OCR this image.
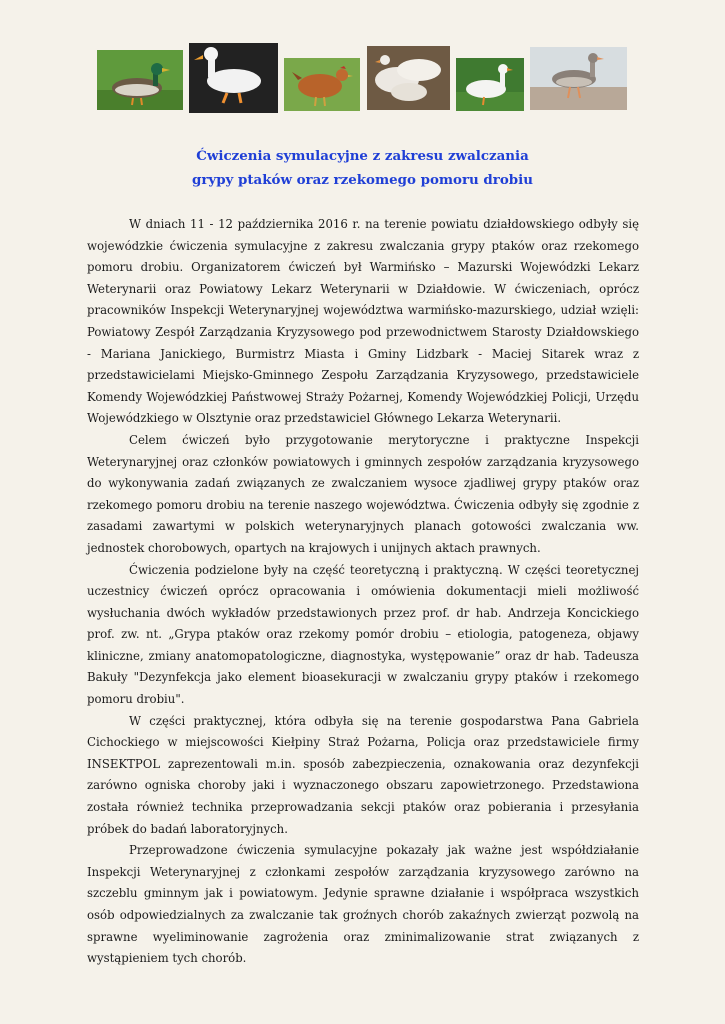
Ćwiczenia symulacyjne z zakresu zwalczania
grypy ptaków oraz rzekomego pomoru drobiu

W dniach 11 - 12 października 2016 r. na terenie powiatu działdowskiego odbyły się wojewódzkie ćwiczenia symulacyjne z zakresu zwalczania grypy ptaków oraz rzekomego pomoru drobiu. Organizatorem ćwiczeń był Warmińsko – Mazurski Wojewódzki Lekarz Weterynarii oraz Powiatowy Lekarz Weterynarii w Działdowie. W ćwiczeniach, oprócz pracowników Inspekcji Weterynaryjnej województwa warmińsko-mazurskiego, udział wzięli: Powiatowy Zespół Zarządzania Kryzysowego pod przewodnictwem Starosty Działdowskiego - Mariana Janickiego, Burmistrz Miasta i Gminy Lidzbark - Maciej Sitarek wraz z przedstawicielami Miejsko-Gminnego Zespołu Zarządzania Kryzysowego, przedstawiciele Komendy Wojewódzkiej Państwowej Straży Pożarnej, Komendy Wojewódzkiej Policji, Urzędu Wojewódzkiego w Olsztynie oraz przedstawiciel Głównego Lekarza Weterynarii.

Celem ćwiczeń było przygotowanie merytoryczne i praktyczne Inspekcji Weterynaryjnej oraz członków powiatowych i gminnych zespołów zarządzania kryzysowego do wykonywania zadań związanych ze zwalczaniem wysoce zjadliwej grypy ptaków oraz rzekomego pomoru drobiu na terenie naszego województwa. Ćwiczenia odbyły się zgodnie z zasadami zawartymi w polskich weterynaryjnych planach gotowości zwalczania ww. jednostek chorobowych, opartych na krajowych i unijnych aktach prawnych.

Ćwiczenia podzielone były na część teoretyczną i praktyczną. W części teoretycznej uczestnicy ćwiczeń oprócz opracowania i omówienia dokumentacji mieli możliwość wysłuchania dwóch wykładów przedstawionych przez prof. dr hab. Andrzeja Koncickiego prof. zw. nt. „Grypa ptaków oraz rzekomy pomór drobiu – etiologia, patogeneza, objawy kliniczne, zmiany anatomopatologiczne, diagnostyka, występowanie” oraz dr hab. Tadeusza Bakuły "Dezynfekcja jako element bioasekuracji w zwalczaniu grypy ptaków i rzekomego pomoru drobiu".

W części praktycznej, która odbyła się na terenie gospodarstwa Pana Gabriela Cichockiego w miejscowości Kiełpiny Straż Pożarna, Policja oraz przedstawiciele firmy INSEKTPOL zaprezentowali m.in. sposób zabezpieczenia, oznakowania oraz dezynfekcji zarówno ogniska choroby jaki i wyznaczonego obszaru zapowietrzonego. Przedstawiona została również technika przeprowadzania sekcji ptaków oraz pobierania i przesyłania próbek do badań laboratoryjnych.

Przeprowadzone ćwiczenia symulacyjne pokazały jak ważne jest współdziałanie Inspekcji Weterynaryjnej z członkami zespołów zarządzania kryzysowego zarówno na szczeblu gminnym jak i powiatowym. Jedynie sprawne działanie i współpraca wszystkich osób odpowiedzialnych za zwalczanie tak groźnych chorób zakaźnych zwierząt pozwolą na sprawne wyeliminowanie zagrożenia oraz zminimalizowanie strat związanych z wystąpieniem tych chorób.
